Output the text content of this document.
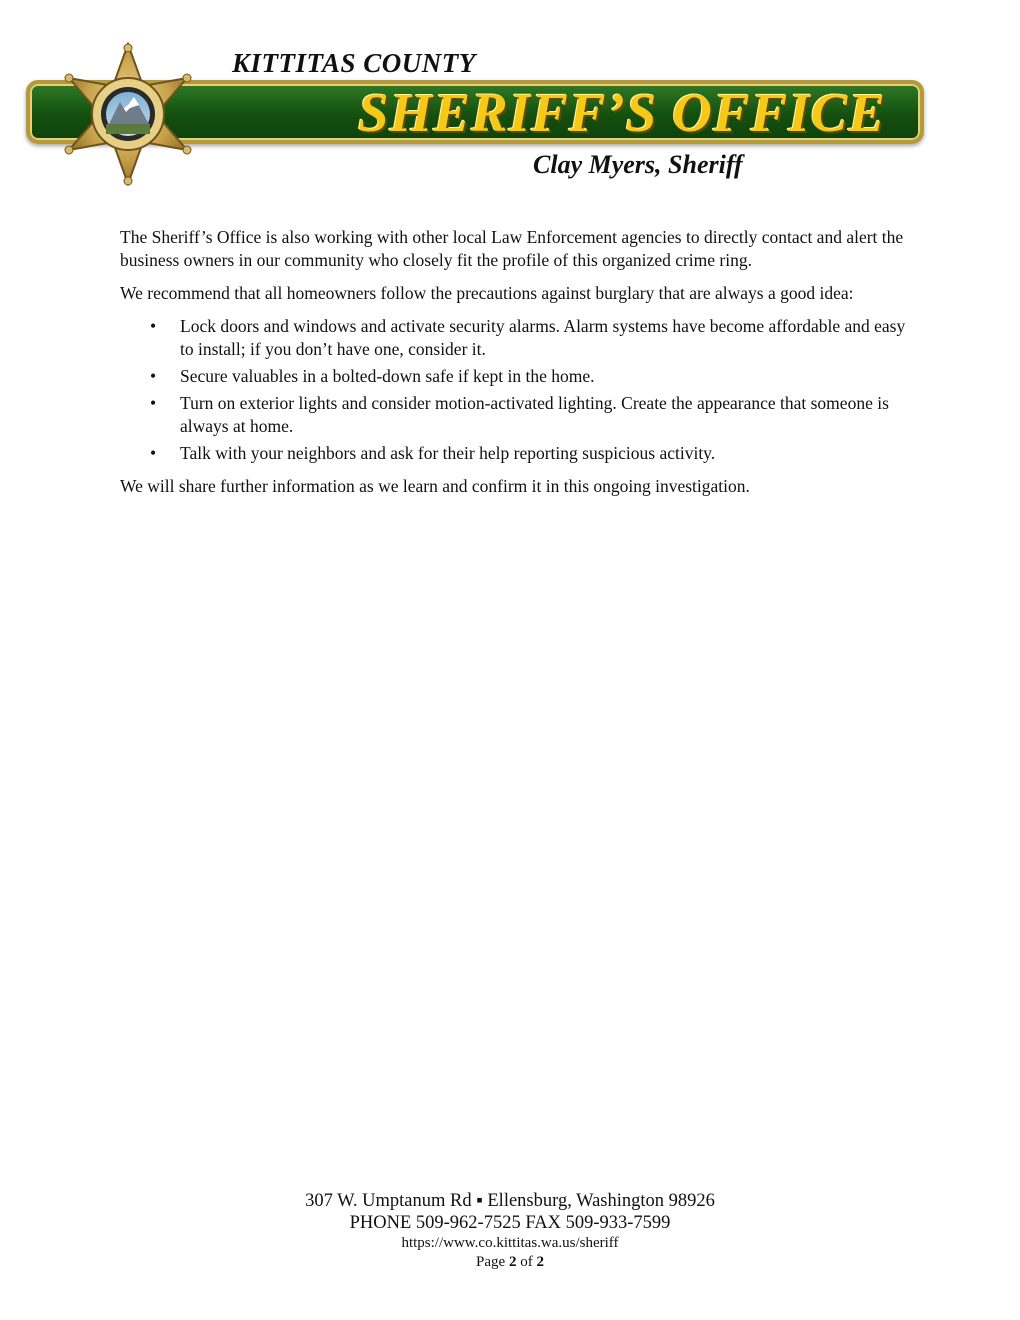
KITTITAS COUNTY
SHERIFF’S OFFICE
Clay Myers, Sheriff

The Sheriff’s Office is also working with other local Law Enforcement agencies to directly contact and alert the business owners in our community who closely fit the profile of this organized crime ring.

We recommend that all homeowners follow the precautions against burglary that are always a good idea:

• Lock doors and windows and activate security alarms. Alarm systems have become affordable and easy to install; if you don’t have one, consider it.
• Secure valuables in a bolted-down safe if kept in the home.
• Turn on exterior lights and consider motion-activated lighting. Create the appearance that someone is always at home.
• Talk with your neighbors and ask for their help reporting suspicious activity.

We will share further information as we learn and confirm it in this ongoing investigation.

307 W. Umptanum Rd ▪ Ellensburg, Washington 98926
PHONE 509-962-7525 FAX 509-933-7599
https://www.co.kittitas.wa.us/sheriff
Page 2 of 2
